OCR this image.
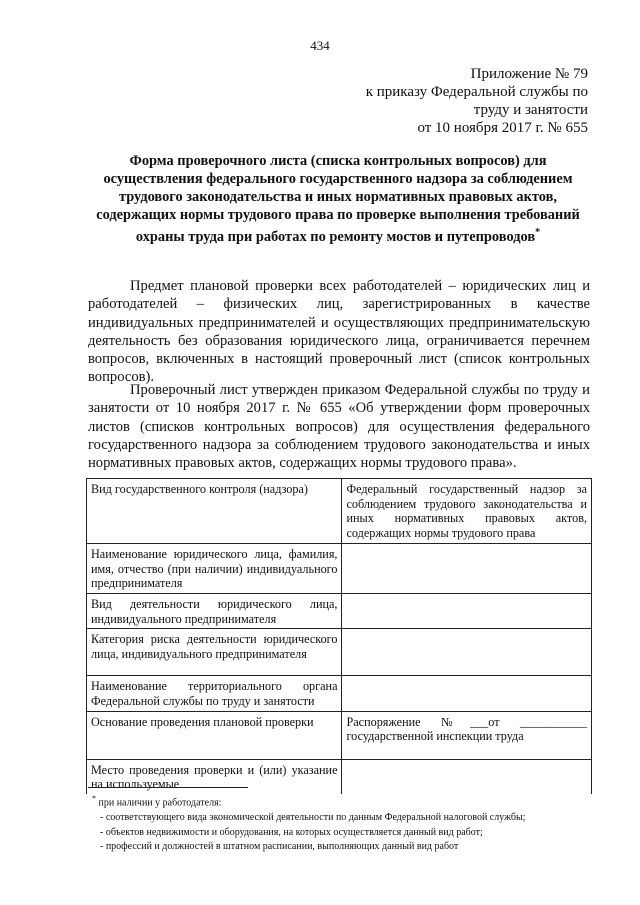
434
Приложение № 79
к приказу Федеральной службы по
труду и занятости
от 10 ноября 2017 г. № 655
Форма проверочного листа (списка контрольных вопросов) для осуществления федерального государственного надзора за соблюдением трудового законодательства и иных нормативных правовых актов, содержащих нормы трудового права по проверке выполнения требований охраны труда при работах по ремонту мостов и путепроводов*
Предмет плановой проверки всех работодателей – юридических лиц и работодателей – физических лиц, зарегистрированных в качестве индивидуальных предпринимателей и осуществляющих предпринимательскую деятельность без образования юридического лица, ограничивается перечнем вопросов, включенных в настоящий проверочный лист (список контрольных вопросов).
Проверочный лист утвержден приказом Федеральной службы по труду и занятости от 10 ноября 2017 г. № 655 «Об утверждении форм проверочных листов (списков контрольных вопросов) для осуществления федерального государственного надзора за соблюдением трудового законодательства и иных нормативных правовых актов, содержащих нормы трудового права».
Вид государственного контроля (надзора)	Федеральный государственный надзор за соблюдением трудового законодательства и иных нормативных правовых актов, содержащих нормы трудового права
Наименование юридического лица, фамилия, имя, отчество (при наличии) индивидуального предпринимателя	
Вид деятельности юридического лица, индивидуального предпринимателя	
Категория риска деятельности юридического лица, индивидуального предпринимателя	
Наименование территориального органа Федеральной службы по труду и занятости	
Основание проведения плановой проверки	Распоряжение №___от ___________ государственной инспекции труда
Место проведения проверки и (или) указание на используемые	
* при наличии у работодателя:
- соответствующего вида экономической деятельности по данным Федеральной налоговой службы;
- объектов недвижимости и оборудования, на которых осуществляется данный вид работ;
- профессий и должностей в штатном расписании, выполняющих данный вид работ
